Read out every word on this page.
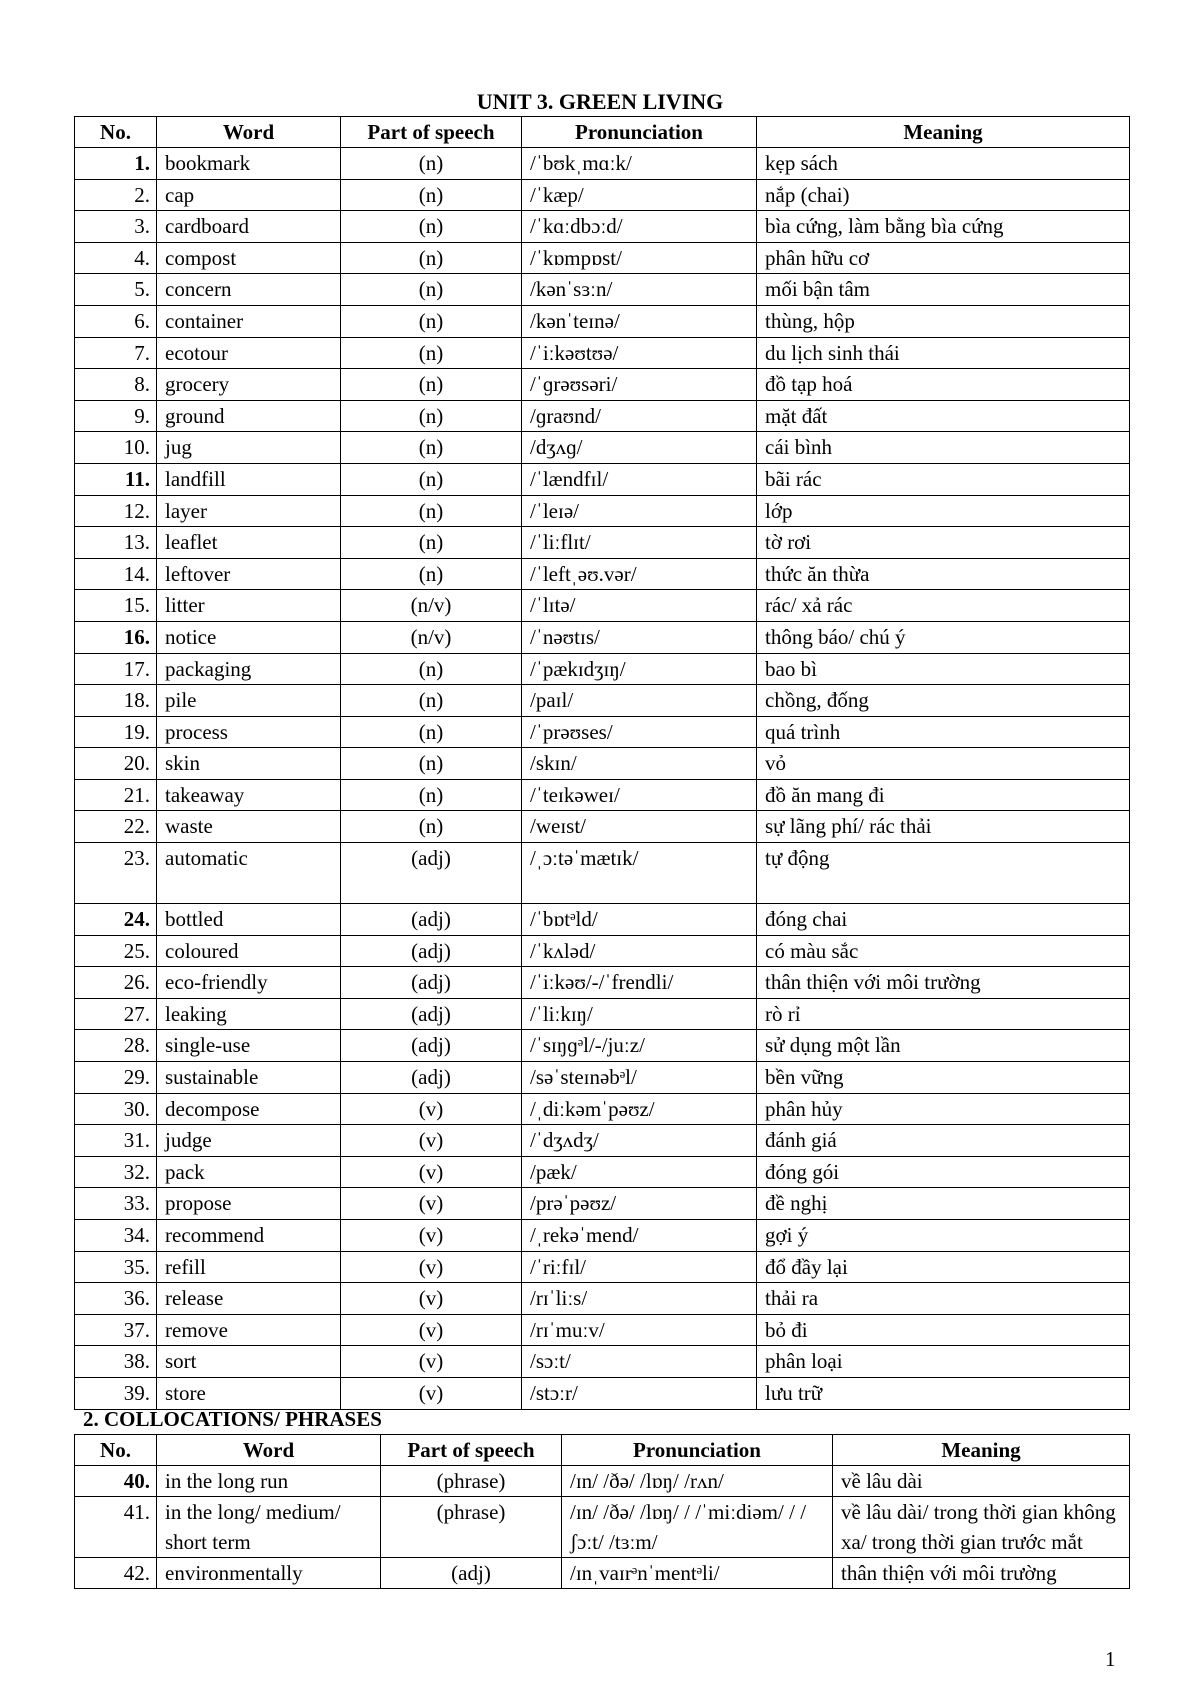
UNIT 3. GREEN LIVING
No.	Word	Part of speech	Pronunciation	Meaning
1.	bookmark	(n)	/ˈbʊkˌmɑːk/	kẹp sách
2.	cap	(n)	/ˈkæp/	nắp (chai)
3.	cardboard	(n)	/ˈkɑːdbɔːd/	bìa cứng, làm bằng bìa cứng
4.	compost	(n)	/ˈkɒmpɒst/	phân hữu cơ
5.	concern	(n)	/kənˈsɜːn/	mối bận tâm
6.	container	(n)	/kənˈteɪnə/	thùng, hộp
7.	ecotour	(n)	/ˈiːkəʊtʊə/	du lịch sinh thái
8.	grocery	(n)	/ˈɡrəʊsəri/	đồ tạp hoá
9.	ground	(n)	/ɡraʊnd/	mặt đất
10.	jug	(n)	/dʒʌɡ/	cái bình
11.	landfill	(n)	/ˈlændfɪl/	bãi rác
12.	layer	(n)	/ˈleɪə/	lớp
13.	leaflet	(n)	/ˈliːflɪt/	tờ rơi
14.	leftover	(n)	/ˈleftˌəʊ.vər/	thức ăn thừa
15.	litter	(n/v)	/ˈlɪtə/	rác/ xả rác
16.	notice	(n/v)	/ˈnəʊtɪs/	thông báo/ chú ý
17.	packaging	(n)	/ˈpækɪdʒɪŋ/	bao bì
18.	pile	(n)	/paɪl/	chồng, đống
19.	process	(n)	/ˈprəʊses/	quá trình
20.	skin	(n)	/skɪn/	vỏ
21.	takeaway	(n)	/ˈteɪkəweɪ/	đồ ăn mang đi
22.	waste	(n)	/weɪst/	sự lãng phí/ rác thải
23.	automatic	(adj)	/ˌɔːtəˈmætɪk/	tự động
24.	bottled	(adj)	/ˈbɒtᵊld/	đóng chai
25.	coloured	(adj)	/ˈkʌləd/	có màu sắc
26.	eco-friendly	(adj)	/ˈiːkəʊ/-/ˈfrendli/	thân thiện với môi trường
27.	leaking	(adj)	/ˈliːkɪŋ/	rò rỉ
28.	single-use	(adj)	/ˈsɪŋɡᵊl/-/juːz/	sử dụng một lần
29.	sustainable	(adj)	/səˈsteɪnəbᵊl/	bền vững
30.	decompose	(v)	/ˌdiːkəmˈpəʊz/	phân hủy
31.	judge	(v)	/ˈdʒʌdʒ/	đánh giá
32.	pack	(v)	/pæk/	đóng gói
33.	propose	(v)	/prəˈpəʊz/	đề nghị
34.	recommend	(v)	/ˌrekəˈmend/	gợi ý
35.	refill	(v)	/ˈriːfɪl/	đổ đầy lại
36.	release	(v)	/rɪˈliːs/	thải ra
37.	remove	(v)	/rɪˈmuːv/	bỏ đi
38.	sort	(v)	/sɔːt/	phân loại
39.	store	(v)	/stɔːr/	lưu trữ
2. COLLOCATIONS/ PHRASES
No.	Word	Part of speech	Pronunciation	Meaning
40.	in the long run	(phrase)	/ɪn/ /ðə/ /lɒŋ/ /rʌn/	về lâu dài
41.	in the long/ medium/ short term	(phrase)	/ɪn/ /ðə/ /lɒŋ/ / /ˈmiːdiəm/ / /ʃɔːt/ /tɜːm/	về lâu dài/ trong thời gian không xa/ trong thời gian trước mắt
42.	environmentally	(adj)	/ɪnˌvaɪrᵊnˈmentᵊli/	thân thiện với môi trường
1
